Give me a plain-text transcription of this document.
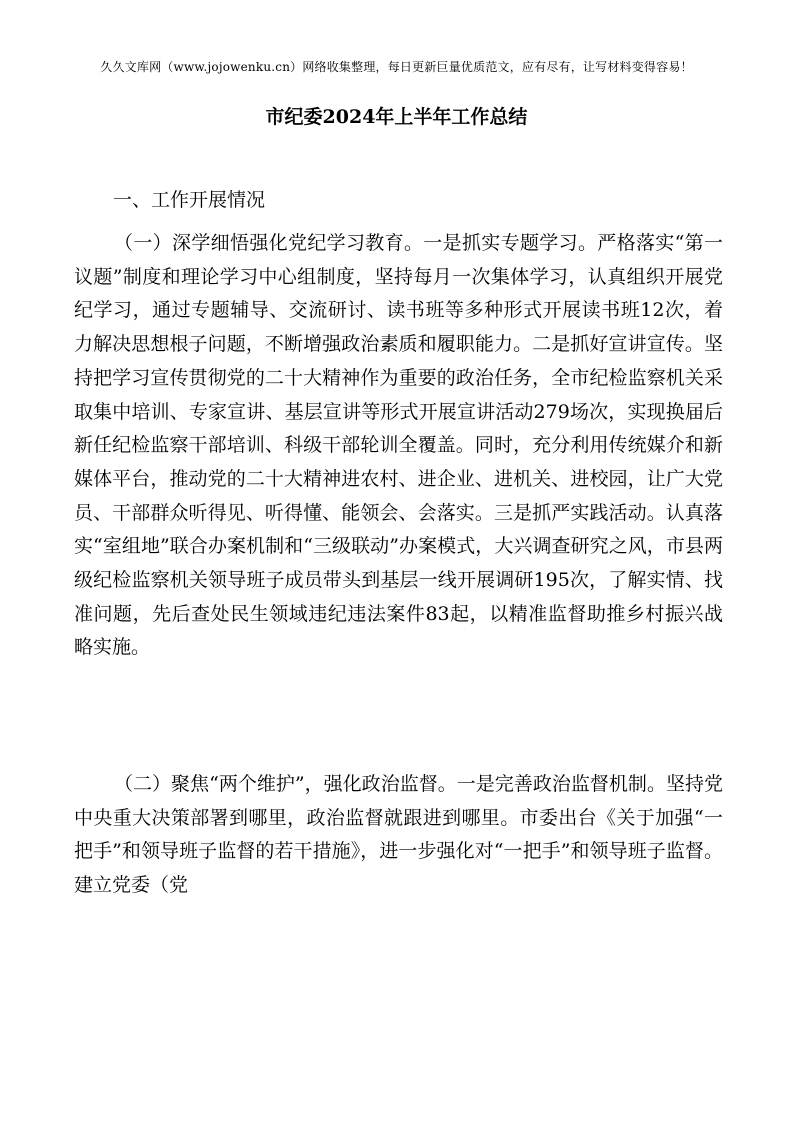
久久文库网（www.jojowenku.cn）网络收集整理，每日更新巨量优质范文，应有尽有，让写材料变得容易！
市纪委2024年上半年工作总结
一、工作开展情况

（一）深学细悟强化党纪学习教育。一是抓实专题学习。严格落实“第一议题”制度和理论学习中心组制度，坚持每月一次集体学习，认真组织开展党纪学习，通过专题辅导、交流研讨、读书班等多种形式开展读书班12次，着力解决思想根子问题，不断增强政治素质和履职能力。二是抓好宣讲宣传。坚持把学习宣传贯彻党的二十大精神作为重要的政治任务，全市纪检监察机关采取集中培训、专家宣讲、基层宣讲等形式开展宣讲活动279场次，实现换届后新任纪检监察干部培训、科级干部轮训全覆盖。同时，充分利用传统媒介和新媒体平台，推动党的二十大精神进农村、进企业、进机关、进校园，让广大党员、干部群众听得见、听得懂、能领会、会落实。三是抓严实践活动。认真落实“室组地”联合办案机制和“三级联动”办案模式，大兴调查研究之风，市县两级纪检监察机关领导班子成员带头到基层一线开展调研195次，了解实情、找准问题，先后查处民生领域违纪违法案件83起，以精准监督助推乡村振兴战略实施。

（二）聚焦“两个维护”，强化政治监督。一是完善政治监督机制。坚持党中央重大决策部署到哪里，政治监督就跟进到哪里。市委出台《关于加强“一把手”和领导班子监督的若干措施》，进一步强化对“一把手”和领导班子监督。建立党委（党
